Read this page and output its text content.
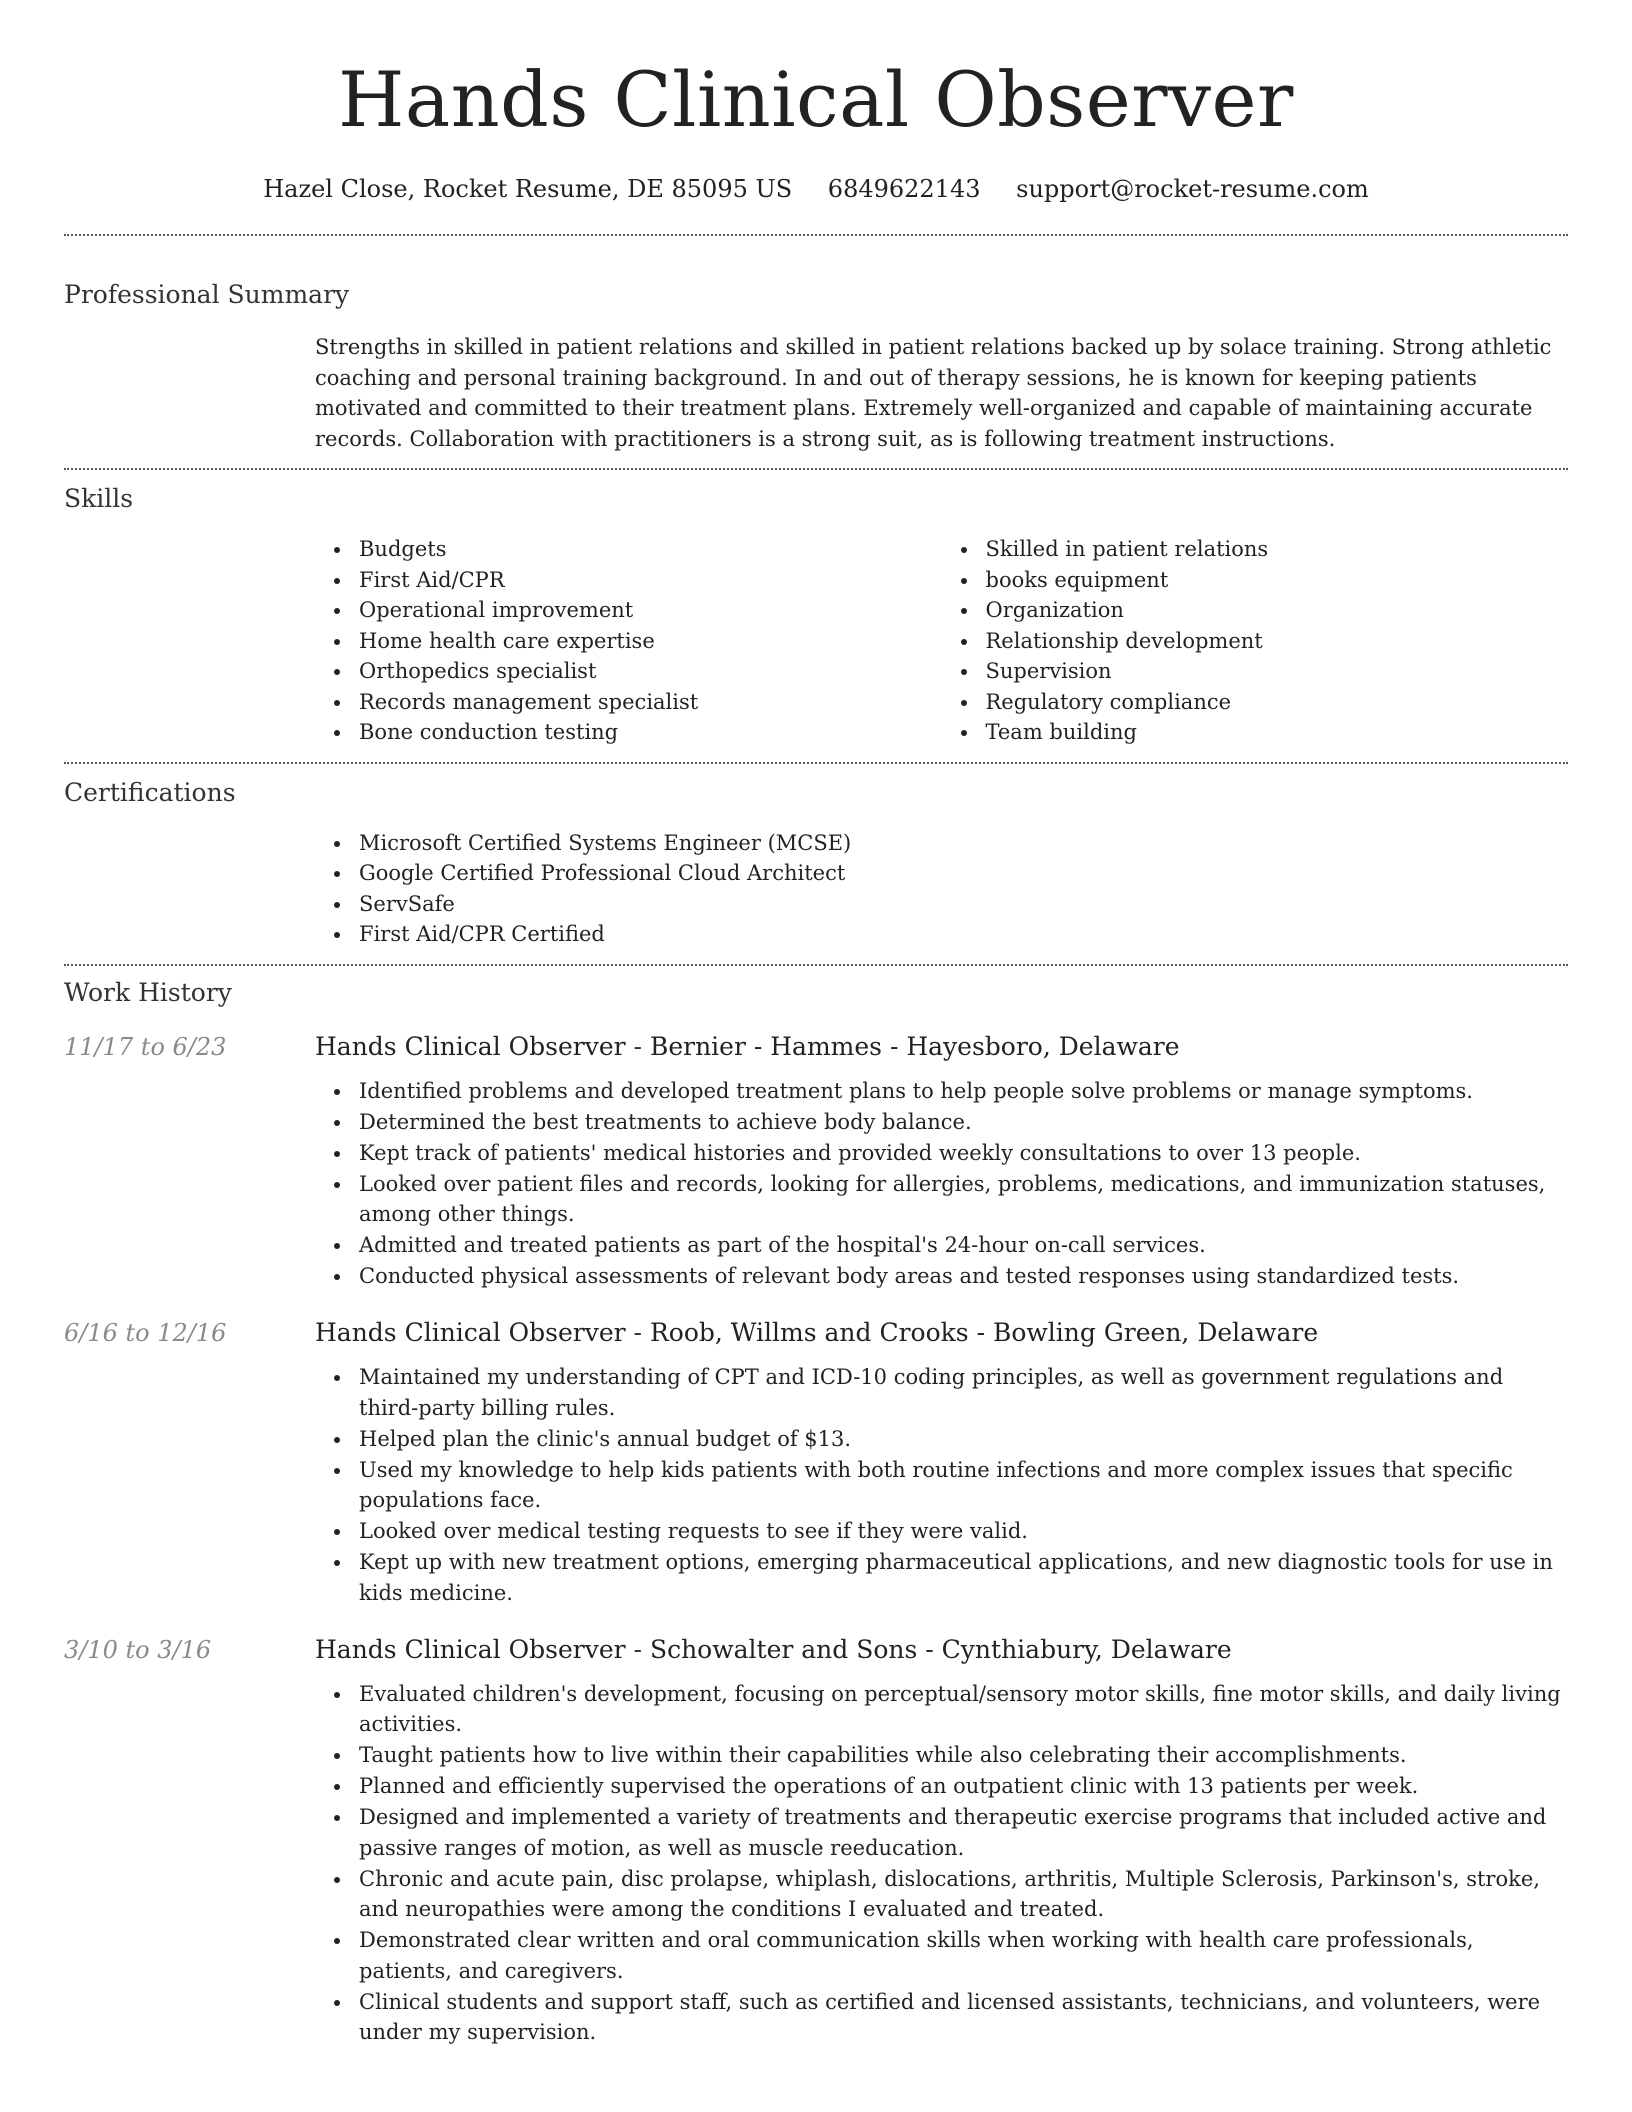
Hands Clinical Observer
Hazel Close, Rocket Resume, DE 85095 US 6849622143 support@rocket-resume.com
Professional Summary
Strengths in skilled in patient relations and skilled in patient relations backed up by solace training. Strong athletic coaching and personal training background. In and out of therapy sessions, he is known for keeping patients motivated and committed to their treatment plans. Extremely well-organized and capable of maintaining accurate records. Collaboration with practitioners is a strong suit, as is following treatment instructions.
Skills
Budgets
First Aid/CPR
Operational improvement
Home health care expertise
Orthopedics specialist
Records management specialist
Bone conduction testing
Skilled in patient relations
books equipment
Organization
Relationship development
Supervision
Regulatory compliance
Team building
Certifications
Microsoft Certified Systems Engineer (MCSE)
Google Certified Professional Cloud Architect
ServSafe
First Aid/CPR Certified
Work History
11/17 to 6/23	Hands Clinical Observer - Bernier - Hammes - Hayesboro, Delaware
Identified problems and developed treatment plans to help people solve problems or manage symptoms.
Determined the best treatments to achieve body balance.
Kept track of patients' medical histories and provided weekly consultations to over 13 people.
Looked over patient files and records, looking for allergies, problems, medications, and immunization statuses, among other things.
Admitted and treated patients as part of the hospital's 24-hour on-call services.
Conducted physical assessments of relevant body areas and tested responses using standardized tests.
6/16 to 12/16	Hands Clinical Observer - Roob, Willms and Crooks - Bowling Green, Delaware
Maintained my understanding of CPT and ICD-10 coding principles, as well as government regulations and third-party billing rules.
Helped plan the clinic's annual budget of $13.
Used my knowledge to help kids patients with both routine infections and more complex issues that specific populations face.
Looked over medical testing requests to see if they were valid.
Kept up with new treatment options, emerging pharmaceutical applications, and new diagnostic tools for use in kids medicine.
3/10 to 3/16	Hands Clinical Observer - Schowalter and Sons - Cynthiabury, Delaware
Evaluated children's development, focusing on perceptual/sensory motor skills, fine motor skills, and daily living activities.
Taught patients how to live within their capabilities while also celebrating their accomplishments.
Planned and efficiently supervised the operations of an outpatient clinic with 13 patients per week.
Designed and implemented a variety of treatments and therapeutic exercise programs that included active and passive ranges of motion, as well as muscle reeducation.
Chronic and acute pain, disc prolapse, whiplash, dislocations, arthritis, Multiple Sclerosis, Parkinson's, stroke, and neuropathies were among the conditions I evaluated and treated.
Demonstrated clear written and oral communication skills when working with health care professionals, patients, and caregivers.
Clinical students and support staff, such as certified and licensed assistants, technicians, and volunteers, were under my supervision.
